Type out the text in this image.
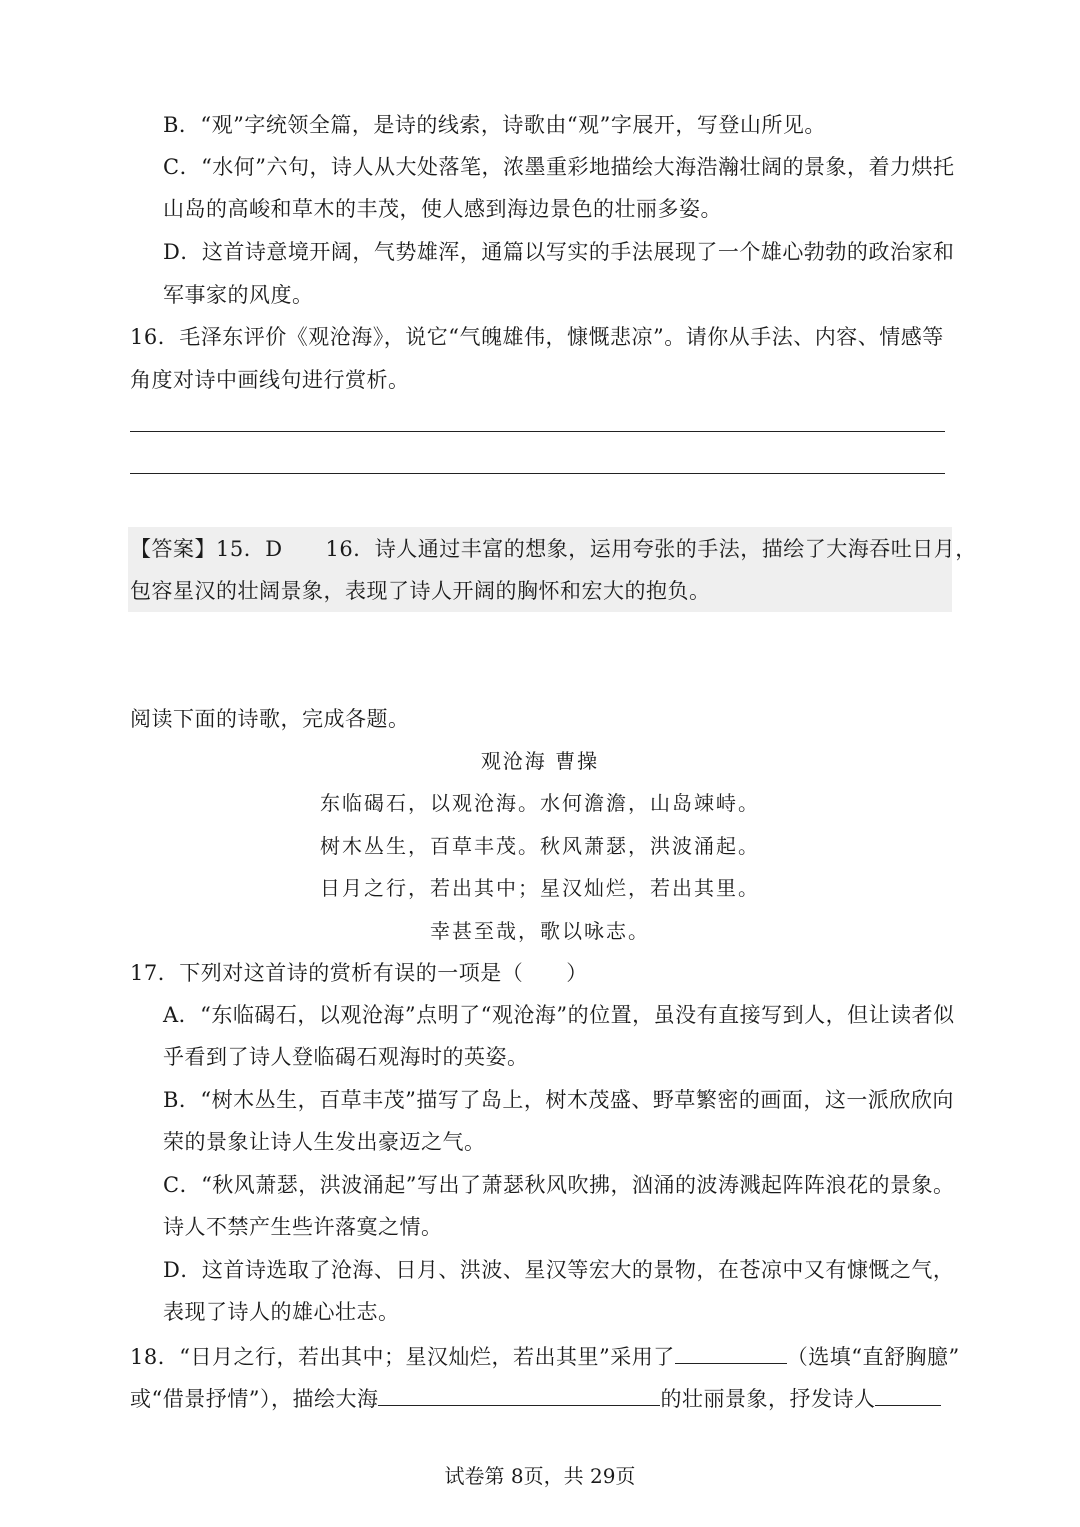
B．“观”字统领全篇，是诗的线索，诗歌由“观”字展开，写登山所见。
C．“水何”六句，诗人从大处落笔，浓墨重彩地描绘大海浩瀚壮阔的景象，着力烘托
山岛的高峻和草木的丰茂，使人感到海边景色的壮丽多姿。
D．这首诗意境开阔，气势雄浑，通篇以写实的手法展现了一个雄心勃勃的政治家和
军事家的风度。
16．毛泽东评价《观沧海》，说它“气魄雄伟，慷慨悲凉”。请你从手法、内容、情感等
角度对诗中画线句进行赏析。
【答案】15．D　　16．诗人通过丰富的想象，运用夸张的手法，描绘了大海吞吐日月，
包容星汉的壮阔景象，表现了诗人开阔的胸怀和宏大的抱负。
阅读下面的诗歌，完成各题。
观沧海 曹操
东临碣石，以观沧海。水何澹澹，山岛竦峙。
树木丛生，百草丰茂。秋风萧瑟，洪波涌起。
日月之行，若出其中；星汉灿烂，若出其里。
幸甚至哉，歌以咏志。
17．下列对这首诗的赏析有误的一项是（　　）
A．“东临碣石，以观沧海”点明了“观沧海”的位置，虽没有直接写到人，但让读者似
乎看到了诗人登临碣石观海时的英姿。
B．“树木丛生，百草丰茂”描写了岛上，树木茂盛、野草繁密的画面，这一派欣欣向
荣的景象让诗人生发出豪迈之气。
C．“秋风萧瑟，洪波涌起”写出了萧瑟秋风吹拂，汹涌的波涛溅起阵阵浪花的景象。
诗人不禁产生些许落寞之情。
D．这首诗选取了沧海、日月、洪波、星汉等宏大的景物，在苍凉中又有慷慨之气，
表现了诗人的雄心壮志。
18．“日月之行，若出其中；星汉灿烂，若出其里”采用了	（选填“直舒胸臆”
或“借景抒情”），描绘大海	的壮丽景象，抒发诗人
试卷第 8页，共 29页
